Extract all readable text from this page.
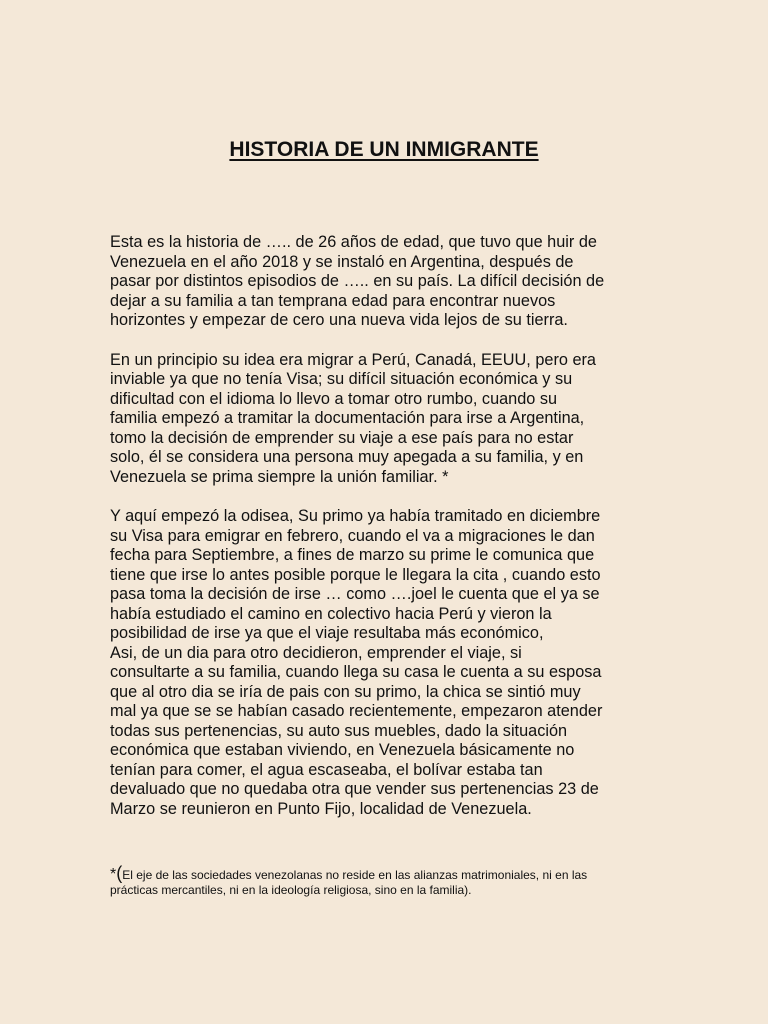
HISTORIA DE UN INMIGRANTE

Esta es la historia de ….. de 26 años de edad, que tuvo que huir de
Venezuela en el año 2018 y se instaló en Argentina, después de
pasar por distintos episodios de ….. en su país. La difícil decisión de
dejar a su familia a tan temprana edad para encontrar nuevos
horizontes y empezar de cero una nueva vida lejos de su tierra.

En un principio su idea era migrar a Perú, Canadá, EEUU, pero era
inviable ya que no tenía Visa; su difícil situación económica y su
dificultad con el idioma lo llevo a tomar otro rumbo, cuando su
familia empezó a tramitar la documentación para irse a Argentina,
tomo la decisión de emprender su viaje a ese país para no estar
solo, él se considera una persona muy apegada a su familia, y en
Venezuela se prima siempre la unión familiar. *

Y aquí empezó la odisea, Su primo ya había tramitado en diciembre
su Visa para emigrar en febrero, cuando el va a migraciones le dan
fecha para Septiembre, a fines de marzo su prime le comunica que
tiene que irse lo antes posible porque le llegara la cita , cuando esto
pasa toma la decisión de irse … como ….joel le cuenta que el ya se
había estudiado el camino en colectivo hacia Perú y vieron la
posibilidad de irse ya que el viaje resultaba más económico,
Asi, de un dia para otro decidieron, emprender el viaje, si
consultarte a su familia, cuando llega su casa le cuenta a su esposa
que al otro dia se iría de pais con su primo, la chica se sintió muy
mal ya que se se habían casado recientemente, empezaron atender
todas sus pertenencias, su auto sus muebles, dado la situación
económica que estaban viviendo, en Venezuela básicamente no
tenían para comer, el agua escaseaba, el bolívar estaba tan
devaluado que no quedaba otra que vender sus pertenencias 23 de
Marzo se reunieron en Punto Fijo, localidad de Venezuela.

*(El eje de las sociedades venezolanas no reside en las alianzas matrimoniales, ni en las
prácticas mercantiles, ni en la ideología religiosa, sino en la familia).
